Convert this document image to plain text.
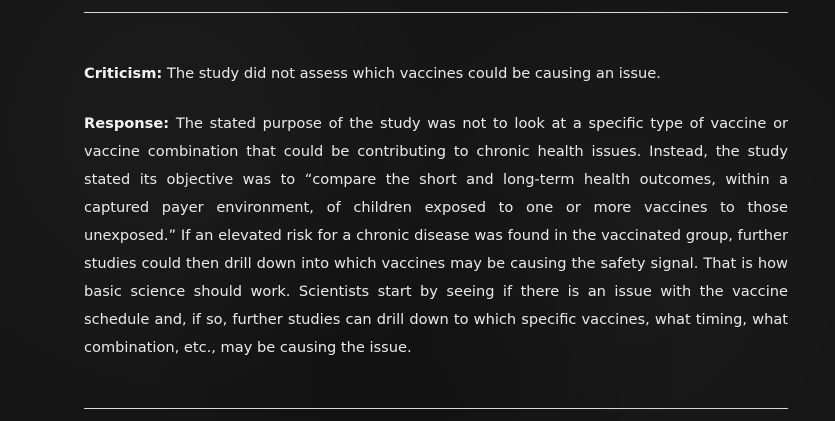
Criticism: The study did not assess which vaccines could be causing an issue.

Response: The stated purpose of the study was not to look at a specific type of vaccine or vaccine combination that could be contributing to chronic health issues. Instead, the study stated its objective was to “compare the short and long-term health outcomes, within a captured payer environment, of children exposed to one or more vaccines to those unexposed.” If an elevated risk for a chronic disease was found in the vaccinated group, further studies could then drill down into which vaccines may be causing the safety signal. That is how basic science should work. Scientists start by seeing if there is an issue with the vaccine schedule and, if so, further studies can drill down to which specific vaccines, what timing, what combination, etc., may be causing the issue.
